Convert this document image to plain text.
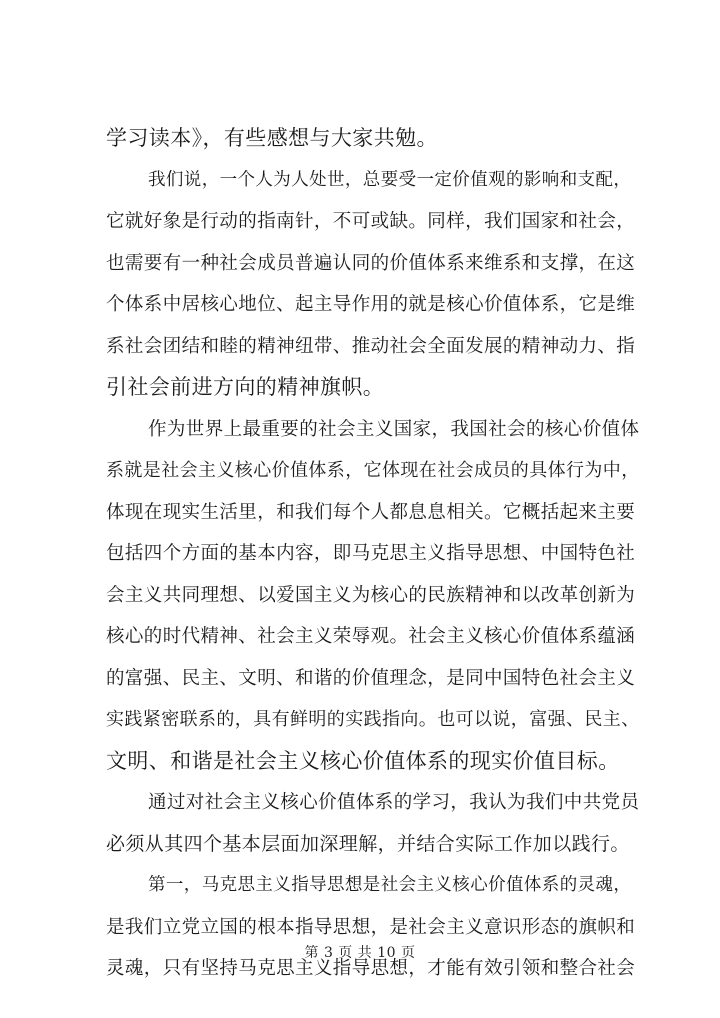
学习读本》，有些感想与大家共勉。
我们说，一个人为人处世，总要受一定价值观的影响和支配，
它就好象是行动的指南针，不可或缺。同样，我们国家和社会，
也需要有一种社会成员普遍认同的价值体系来维系和支撑，在这
个体系中居核心地位、起主导作用的就是核心价值体系，它是维
系社会团结和睦的精神纽带、推动社会全面发展的精神动力、指
引社会前进方向的精神旗帜。
作为世界上最重要的社会主义国家，我国社会的核心价值体
系就是社会主义核心价值体系，它体现在社会成员的具体行为中，
体现在现实生活里，和我们每个人都息息相关。它概括起来主要
包括四个方面的基本内容，即马克思主义指导思想、中国特色社
会主义共同理想、以爱国主义为核心的民族精神和以改革创新为
核心的时代精神、社会主义荣辱观。社会主义核心价值体系蕴涵
的富强、民主、文明、和谐的价值理念，是同中国特色社会主义
实践紧密联系的，具有鲜明的实践指向。也可以说，富强、民主、
文明、和谐是社会主义核心价值体系的现实价值目标。
通过对社会主义核心价值体系的学习，我认为我们中共党员
必须从其四个基本层面加深理解，并结合实际工作加以践行。
第一，马克思主义指导思想是社会主义核心价值体系的灵魂，
是我们立党立国的根本指导思想，是社会主义意识形态的旗帜和
灵魂，只有坚持马克思主义指导思想，才能有效引领和整合社会
第 3 页 共 10 页
